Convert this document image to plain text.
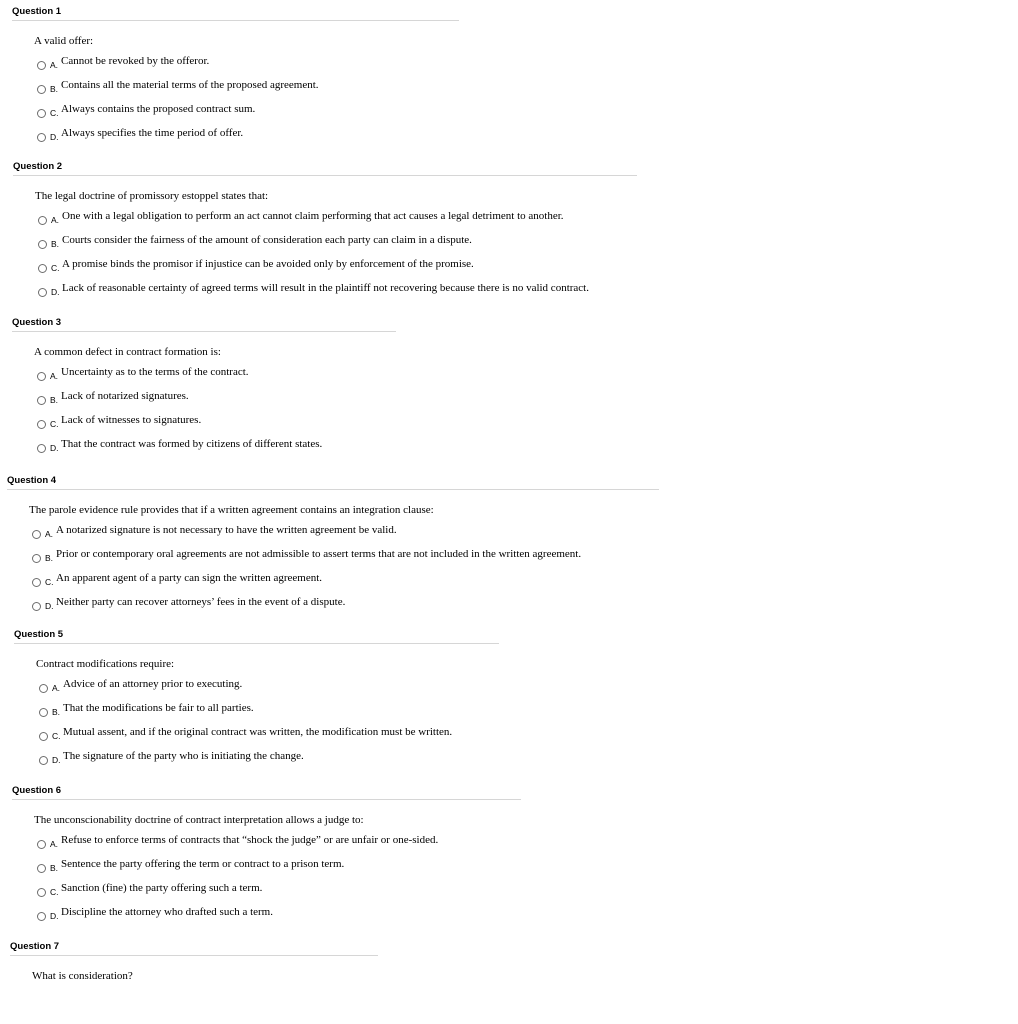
Question 1
A valid offer:
A. Cannot be revoked by the offeror.
B. Contains all the material terms of the proposed agreement.
C. Always contains the proposed contract sum.
D. Always specifies the time period of offer.
Question 2
The legal doctrine of promissory estoppel states that:
A. One with a legal obligation to perform an act cannot claim performing that act causes a legal detriment to another.
B. Courts consider the fairness of the amount of consideration each party can claim in a dispute.
C. A promise binds the promisor if injustice can be avoided only by enforcement of the promise.
D. Lack of reasonable certainty of agreed terms will result in the plaintiff not recovering because there is no valid contract.
Question 3
A common defect in contract formation is:
A. Uncertainty as to the terms of the contract.
B. Lack of notarized signatures.
C. Lack of witnesses to signatures.
D. That the contract was formed by citizens of different states.
Question 4
The parole evidence rule provides that if a written agreement contains an integration clause:
A. A notarized signature is not necessary to have the written agreement be valid.
B. Prior or contemporary oral agreements are not admissible to assert terms that are not included in the written agreement.
C. An apparent agent of a party can sign the written agreement.
D. Neither party can recover attorneys’ fees in the event of a dispute.
Question 5
Contract modifications require:
A. Advice of an attorney prior to executing.
B. That the modifications be fair to all parties.
C. Mutual assent, and if the original contract was written, the modification must be written.
D. The signature of the party who is initiating the change.
Question 6
The unconscionability doctrine of contract interpretation allows a judge to:
A. Refuse to enforce terms of contracts that “shock the judge” or are unfair or one-sided.
B. Sentence the party offering the term or contract to a prison term.
C. Sanction (fine) the party offering such a term.
D. Discipline the attorney who drafted such a term.
Question 7
What is consideration?
